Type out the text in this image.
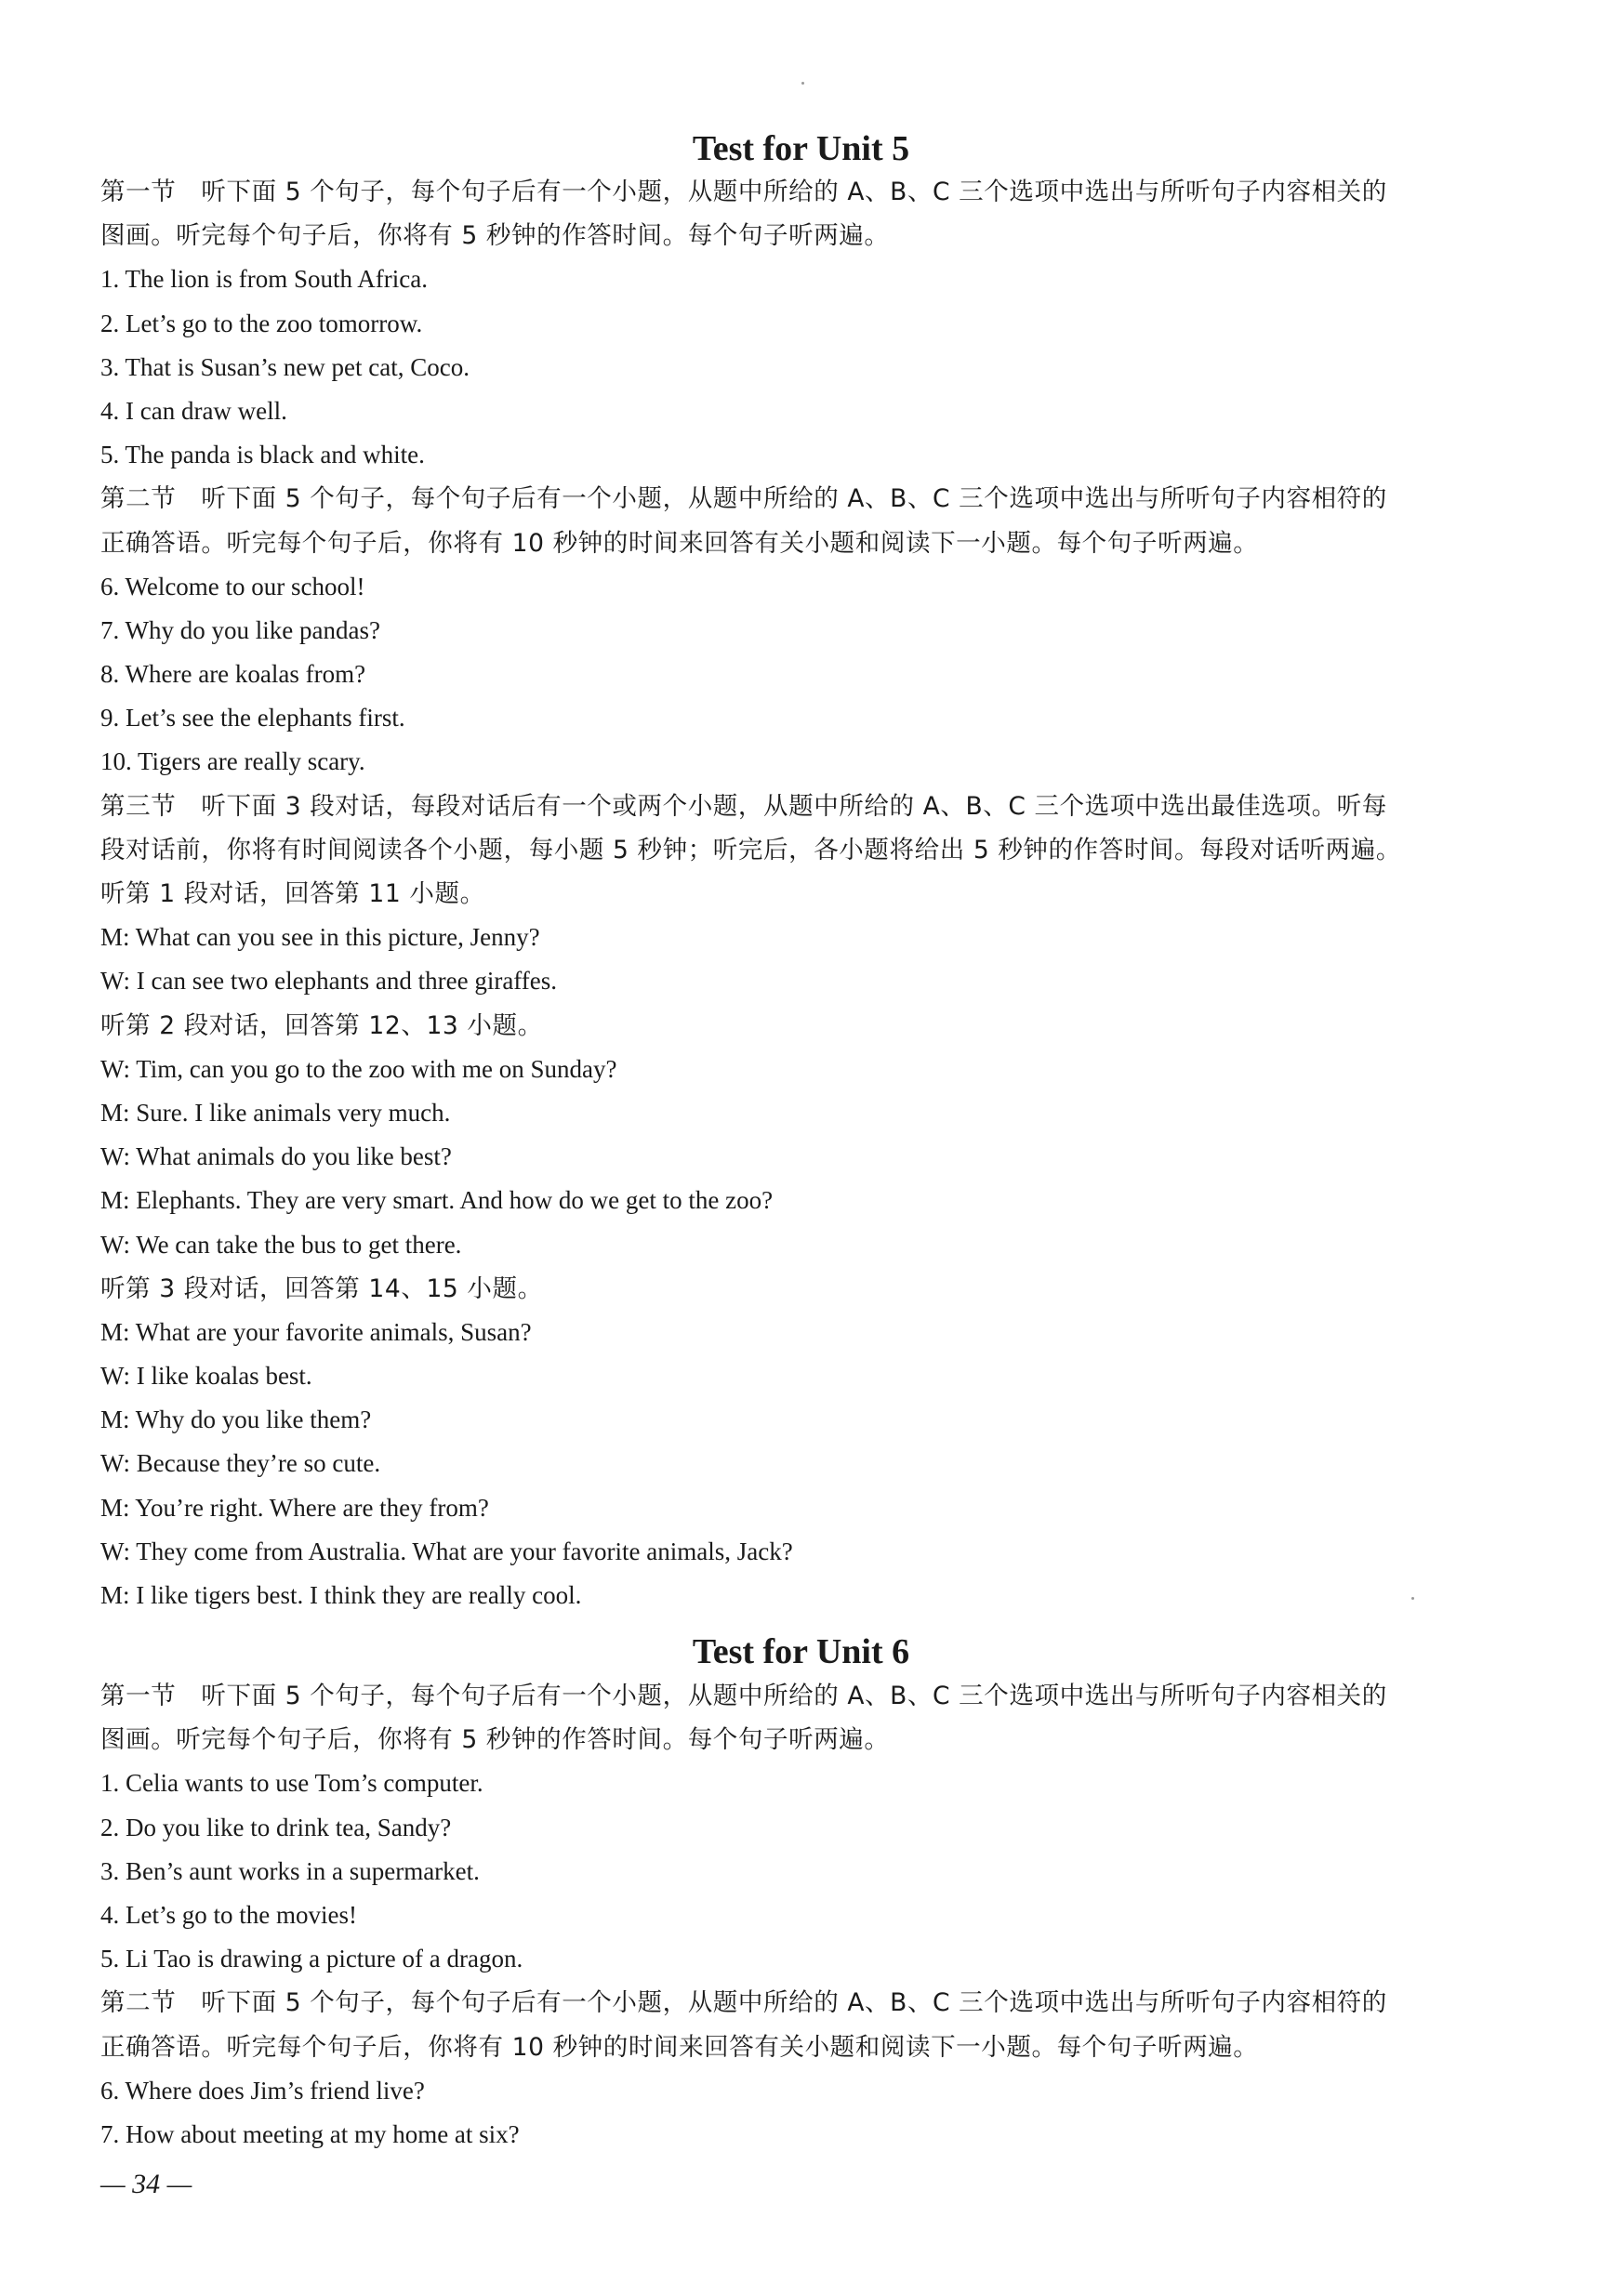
Test for Unit 5
第一节　听下面 5 个句子，每个句子后有一个小题，从题中所给的 A、B、C 三个选项中选出与所听句子内容相关的
图画。听完每个句子后，你将有 5 秒钟的作答时间。每个句子听两遍。
1. The lion is from South Africa.
2. Let’s go to the zoo tomorrow.
3. That is Susan’s new pet cat, Coco.
4. I can draw well.
5. The panda is black and white.
第二节　听下面 5 个句子，每个句子后有一个小题，从题中所给的 A、B、C 三个选项中选出与所听句子内容相符的
正确答语。听完每个句子后，你将有 10 秒钟的时间来回答有关小题和阅读下一小题。每个句子听两遍。
6. Welcome to our school!
7. Why do you like pandas?
8. Where are koalas from?
9. Let’s see the elephants first.
10. Tigers are really scary.
第三节　听下面 3 段对话，每段对话后有一个或两个小题，从题中所给的 A、B、C 三个选项中选出最佳选项。听每
段对话前，你将有时间阅读各个小题，每小题 5 秒钟；听完后，各小题将给出 5 秒钟的作答时间。每段对话听两遍。
听第 1 段对话，回答第 11 小题。
M: What can you see in this picture, Jenny?
W: I can see two elephants and three giraffes.
听第 2 段对话，回答第 12、13 小题。
W: Tim, can you go to the zoo with me on Sunday?
M: Sure. I like animals very much.
W: What animals do you like best?
M: Elephants. They are very smart. And how do we get to the zoo?
W: We can take the bus to get there.
听第 3 段对话，回答第 14、15 小题。
M: What are your favorite animals, Susan?
W: I like koalas best.
M: Why do you like them?
W: Because they’re so cute.
M: You’re right. Where are they from?
W: They come from Australia. What are your favorite animals, Jack?
M: I like tigers best. I think they are really cool.
Test for Unit 6
第一节　听下面 5 个句子，每个句子后有一个小题，从题中所给的 A、B、C 三个选项中选出与所听句子内容相关的
图画。听完每个句子后，你将有 5 秒钟的作答时间。每个句子听两遍。
1. Celia wants to use Tom’s computer.
2. Do you like to drink tea, Sandy?
3. Ben’s aunt works in a supermarket.
4. Let’s go to the movies!
5. Li Tao is drawing a picture of a dragon.
第二节　听下面 5 个句子，每个句子后有一个小题，从题中所给的 A、B、C 三个选项中选出与所听句子内容相符的
正确答语。听完每个句子后，你将有 10 秒钟的时间来回答有关小题和阅读下一小题。每个句子听两遍。
6. Where does Jim’s friend live?
7. How about meeting at my home at six?
— 34 —
